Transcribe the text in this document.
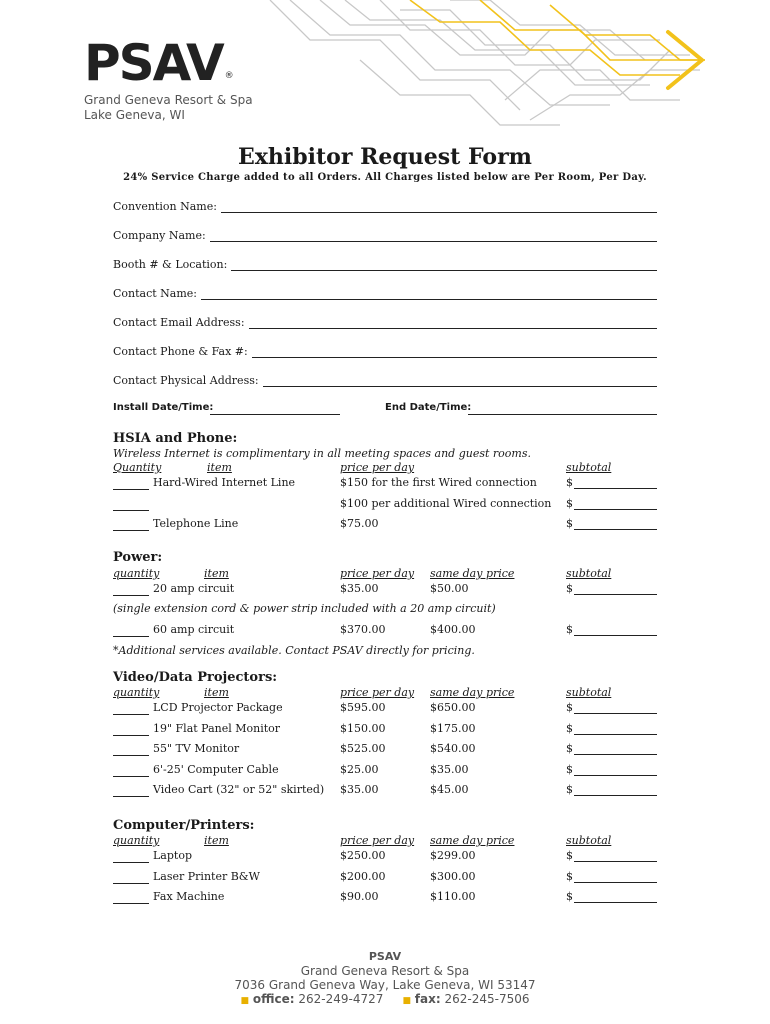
PSAV ®
Grand Geneva Resort & Spa
Lake Geneva, WI
Exhibitor Request Form
24% Service Charge added to all Orders. All Charges listed below are Per Room, Per Day.
Convention Name:
Company Name:
Booth # & Location:
Contact Name:
Contact Email Address:
Contact Phone & Fax #:
Contact Physical Address:
Install Date/Time:	End Date/Time:
HSIA and Phone:
Wireless Internet is complimentary in all meeting spaces and guest rooms.
Quantity	item	price per day	subtotal
Hard-Wired Internet Line	$150 for the first Wired connection	$
$100 per additional Wired connection $
Telephone Line	$75.00	$
Power:
quantity	item	price per day same day price	subtotal
20 amp circuit	$35.00	$50.00	$
(single extension cord & power strip included with a 20 amp circuit)
60 amp circuit	$370.00	$400.00	$
*Additional services available. Contact PSAV directly for pricing.
Video/Data Projectors:
quantity	item	price per day same day price	subtotal
LCD Projector Package	$595.00	$650.00	$
19" Flat Panel Monitor	$150.00	$175.00	$
55" TV Monitor	$525.00	$540.00	$
6'-25' Computer Cable	$25.00	$35.00	$
Video Cart (32" or 52" skirted) $35.00	$45.00	$
Computer/Printers:
quantity	item	price per day same day price	subtotal
Laptop	$250.00	$299.00	$
Laser Printer B&W	$200.00	$300.00	$
Fax Machine	$90.00	$110.00	$
PSAV
Grand Geneva Resort & Spa
7036 Grand Geneva Way, Lake Geneva, WI 53147
■ office: 262-249-4727 ■ fax: 262-245-7506
